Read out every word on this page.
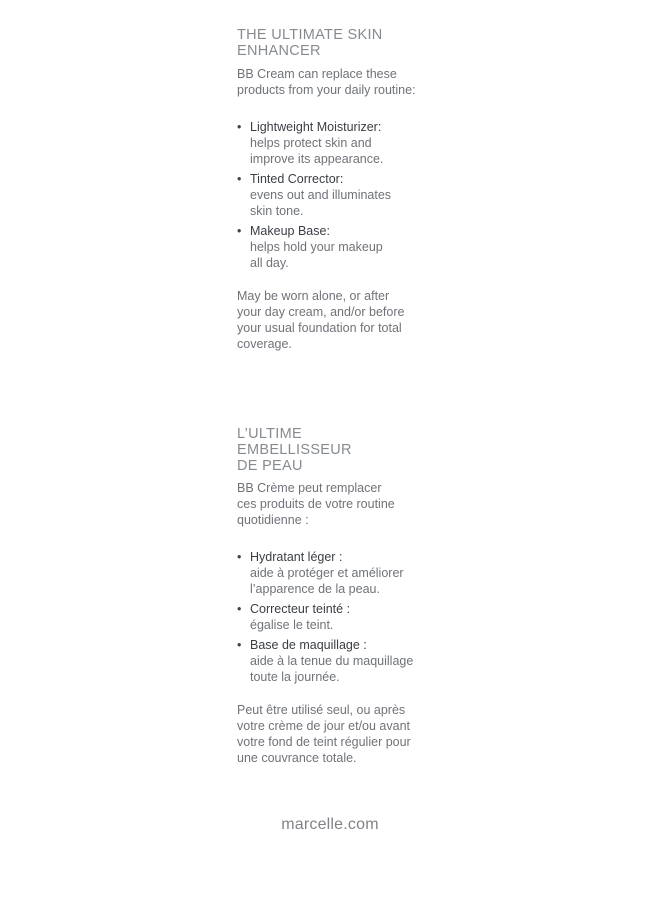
THE ULTIMATE SKIN
ENHANCER

BB Cream can replace these
products from your daily routine:

• Lightweight Moisturizer:
helps protect skin and
improve its appearance.
• Tinted Corrector:
evens out and illuminates
skin tone.
• Makeup Base:
helps hold your makeup
all day.

May be worn alone, or after
your day cream, and/or before
your usual foundation for total
coverage.

L’ULTIME
EMBELLISSEUR
DE PEAU

BB Crème peut remplacer
ces produits de votre routine
quotidienne :

• Hydratant léger :
aide à protéger et améliorer
l’apparence de la peau.
• Correcteur teinté :
égalise le teint.
• Base de maquillage :
aide à la tenue du maquillage
toute la journée.

Peut être utilisé seul, ou après
votre crème de jour et/ou avant
votre fond de teint régulier pour
une couvrance totale.

marcelle.com
